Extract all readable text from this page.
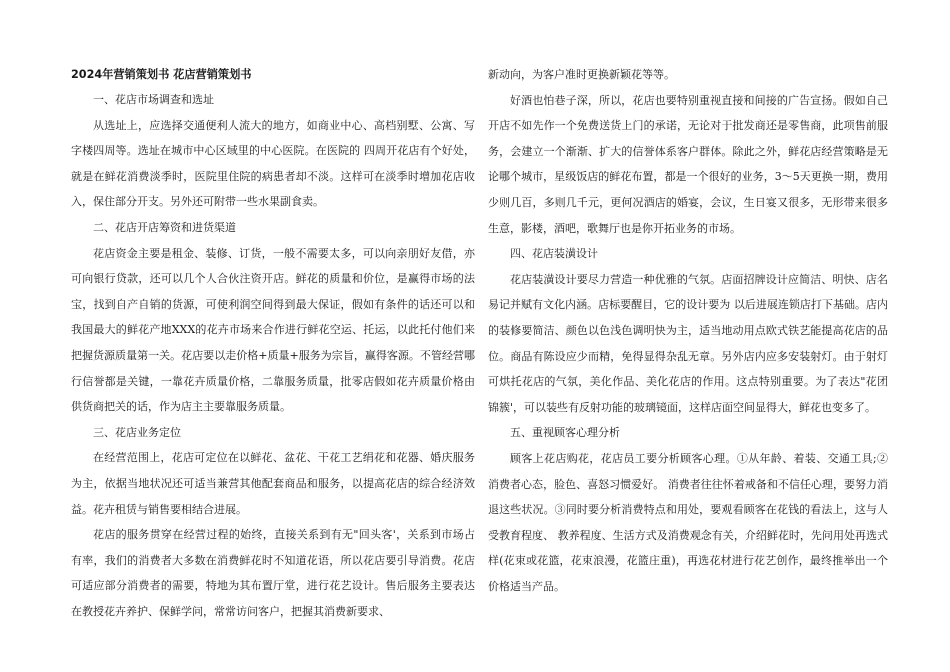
2024年营销策划书 花店营销策划书

一、花店市场调查和选址

从选址上，应选择交通便利人流大的地方，如商业中心、高档别墅、公寓、写字楼四周等。选址在城市中心区域里的中心医院。在医院的 四周开花店有个好处，就是在鲜花消费淡季时，医院里住院的病患者却不淡。这样可在淡季时增加花店收入，保住部分开支。另外还可附带一些水果副食卖。

二、花店开店筹资和进货渠道

花店资金主要是租金、装修、订货，一般不需要太多，可以向亲朋好友借，亦可向银行贷款，还可以几个人合伙注资开店。鲜花的质量和价位，是赢得市场的法宝，找到自产自销的货源，可使利润空间得到最大保证，假如有条件的话还可以和我国最大的鲜花产地XXX的花卉市场来合作进行鲜花空运、托运，以此托付他们来把握货源质量第一关。花店要以走价格+质量+服务为宗旨，赢得客源。不管经营哪行信誉都是关键，一靠花卉质量价格，二靠服务质量，批零店假如花卉质量价格由供货商把关的话，作为店主主要靠服务质量。

三、花店业务定位

在经营范围上，花店可定位在以鲜花、盆花、干花工艺绢花和花器、婚庆服务为主，依据当地状况还可适当兼营其他配套商品和服务，以提高花店的综合经济效益。花卉租赁与销售要相结合进展。

花店的服务贯穿在经营过程的始终，直接关系到有无"回头客'，关系到市场占有率，我们的消费者大多数在消费鲜花时不知道花语，所以花店要引导消费。花店可适应部分消费者的需要，特地为其布置厅堂，进行花艺设计。售后服务主要表达在教授花卉养护、保鲜学问，常常访问客户，把握其消费新要求、

新动向，为客户准时更换新颖花等等。

好酒也怕巷子深，所以，花店也要特别重视直接和间接的广告宣扬。假如自己开店不如先作一个免费送货上门的承诺，无论对于批发商还是零售商，此项售前服务，会建立一个渐渐、扩大的信誉体系客户群体。除此之外，鲜花店经营策略是无论哪个城市，星级饭店的鲜花布置，都是一个很好的业务，3～5天更换一期，费用少则几百，多则几千元，更何况酒店的婚宴，会议，生日宴又很多，无形带来很多生意，影楼，酒吧，歌舞厅也是你开拓业务的市场。

四、花店装潢设计

花店装潢设计要尽力营造一种优雅的气氛。店面招牌设计应简洁、明快、店名易记并赋有文化内涵。店标要醒目，它的设计要为 以后进展连锁店打下基础。店内的装修要简洁、颜色以色浅色调明快为主，适当地动用点欧式铁艺能提高花店的品位。商品有陈设应少而精，免得显得杂乱无章。另外店内应多安装射灯。由于射灯可烘托花店的气氛，美化作品、美化花店的作用。这点特别重要。为了表达"花团锦簇'，可以装些有反射功能的玻璃镜面，这样店面空间显得大，鲜花也变多了。

五、重视顾客心理分析

顾客上花店购花，花店员工要分析顾客心理。①从年龄、着装、交通工具;② 消费者心态，脸色、喜怒习惯爱好。 消费者往往怀着戒备和不信任心理，要努力消退这些状况。③同时要分析消费特点和用处，要观看顾客在花钱的看法上，这与人受教育程度、 教养程度、生活方式及消费观念有关，介绍鲜花时，先问用处再选式样(花束或花篮，花束浪漫，花篮庄重)，再选花材进行花艺创作，最终推举出一个价格适当产品。
